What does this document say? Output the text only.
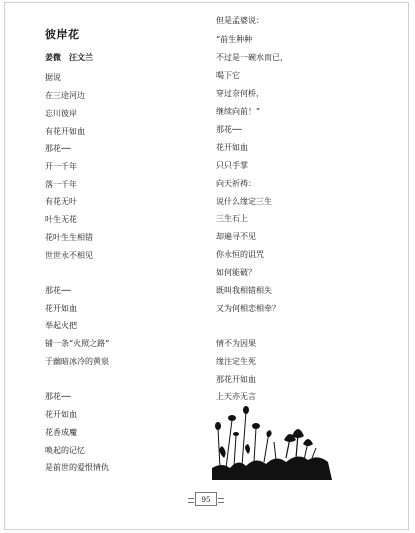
彼岸花
姜微　汪文兰
据说
在三途河边
忘川彼岸
有花开如血
那花──
开一千年
落一千年
有花无叶
叶生无花
花叶生生相错
世世永不相见
那花──
花开如血
举起火把
铺一条“火照之路”
于幽暗冰冷的黄泉
那花──
花开如血
花香成魔
唤起的记忆
是前世的爱恨情仇
但是孟婆说：
“前生种种
不过是一碗水而已，
喝下它
穿过奈何桥，
继续向前！”
那花──
花开如血
只只手掌
向天祈祷：
说什么缘定三生
三生石上
却遍寻不见
你永恒的诅咒
如何能破？
既叫我相错相失
又为何相恋相牵？
情不为因果
缘注定生死
那花开如血
上天亦无言
95
